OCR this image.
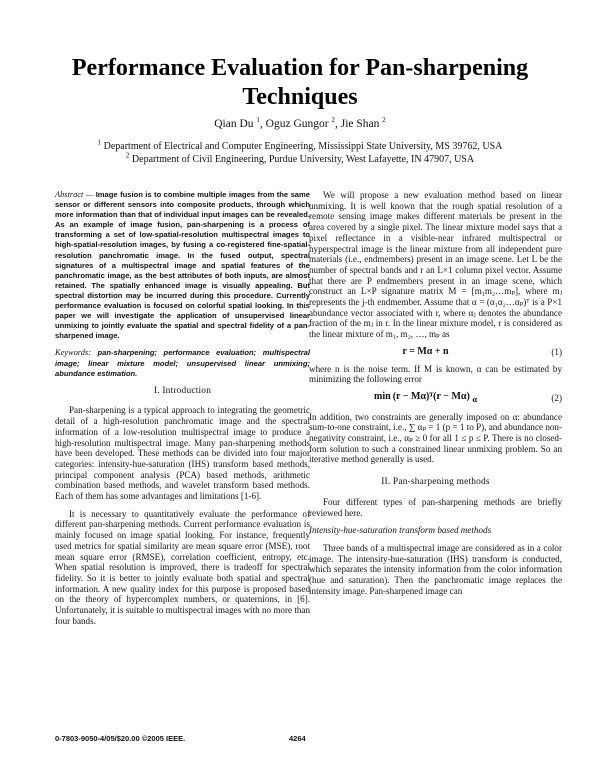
Performance Evaluation for Pan-sharpening
Techniques
Qian Du $^1$, Oguz Gungor $^2$, Jie Shan $^2$
$^1$ Department of Electrical and Computer Engineering, Mississippi State University, MS 39762, USA
$^2$ Department of Civil Engineering, Purdue University, West Lafayette, IN 47907, USA

Abstract — Image fusion is to combine multiple images from the same sensor or different sensors into composite products, through which more information than that of individual input images can be revealed. As an example of image fusion, pan-sharpening is a process of transforming a set of low-spatial-resolution multispectral images to high-spatial-resolution images, by fusing a co-registered fine-spatial-resolution panchromatic image. In the fused output, spectral signatures of a multispectral image and spatial features of the panchromatic image, as the best attributes of both inputs, are almost retained. The spatially enhanced image is visually appealing. But spectral distortion may be incurred during this procedure. Currently performance evaluation is focused on colorful spatial looking. In this paper we will investigate the application of unsupervised linear unmixing to jointly evaluate the spatial and spectral fidelity of a pan-sharpened image.

Keywords: pan-sharpening; performance evaluation; multispectral image; linear mixture model; unsupervised linear unmixing; abundance estimation.

I. Introduction

Pan-sharpening is a typical approach to integrating the geometric detail of a high-resolution panchromatic image and the spectral information of a low-resolution multispectral image to produce a high-resolution multispectral image. Many pan-sharpening methods have been developed. These methods can be divided into four major categories: intensity-hue-saturation (IHS) transform based methods, principal component analysis (PCA) based methods, arithmetic combination based methods, and wavelet transform based methods. Each of them has some advantages and limitations [1-6].

It is necessary to quantitatively evaluate the performance of different pan-sharpening methods. Current performance evaluation is mainly focused on image spatial looking. For instance, frequently used metrics for spatial similarity are mean square error (MSE), root mean square error (RMSE), correlation coefficient, entropy, etc. When spatial resolution is improved, there is tradeoff for spectral fidelity. So it is better to jointly evaluate both spatial and spectral information. A new quality index for this purpose is proposed based on the theory of hypercomplex numbers, or quaternions, in [6]. Unfortunately, it is suitable to multispectral images with no more than four bands.

We will propose a new evaluation method based on linear unmixing. It is well known that the rough spatial resolution of a remote sensing image makes different materials be present in the area covered by a single pixel. The linear mixture model says that a pixel reflectance in a visible-near infrared multispectral or hyperspectral image is the linear mixture from all independent pure materials (i.e., endmembers) present in an image scene. Let L be the number of spectral bands and r an L×1 column pixel vector. Assume that there are P endmembers present in an image scene, which construct an L×P signature matrix M = [m₁m₂…mₚ], where mⱼ represents the j-th endmember. Assume that α = (α₁α₂…αₚ)ᵀ is a P×1 abundance vector associated with r, where αⱼ denotes the abundance fraction of the mⱼ in r. In the linear mixture model, r is considered as the linear mixture of m₁, m₂, …, mₚ as

r = Mα + n	(1)

where n is the noise term. If M is known, α can be estimated by minimizing the following error

min (r − Mα)ᵀ(r − Mα) $_\alpha$	(2)

In addition, two constraints are generally imposed on α: abundance sum-to-one constraint, i.e., ∑ αₚ = 1 (p = 1 to P), and abundance non-negativity constraint, i.e., αₚ ≥ 0 for all 1 ≤ p ≤ P. There is no closed-form solution to such a constrained linear unmixing problem. So an iterative method generally is used.

II. Pan-sharpening methods

Four different types of pan-sharpening methods are briefly reviewed here.

Intensity-hue-saturation transform based methods

Three bands of a multispectral image are considered as in a color image. The intensity-hue-saturation (IHS) transform is conducted, which separates the intensity information from the color information (hue and saturation). Then the panchromatic image replaces the intensity image. Pan-sharpened image can

0-7803-9050-4/05/$20.00 ©2005 IEEE.	4264
